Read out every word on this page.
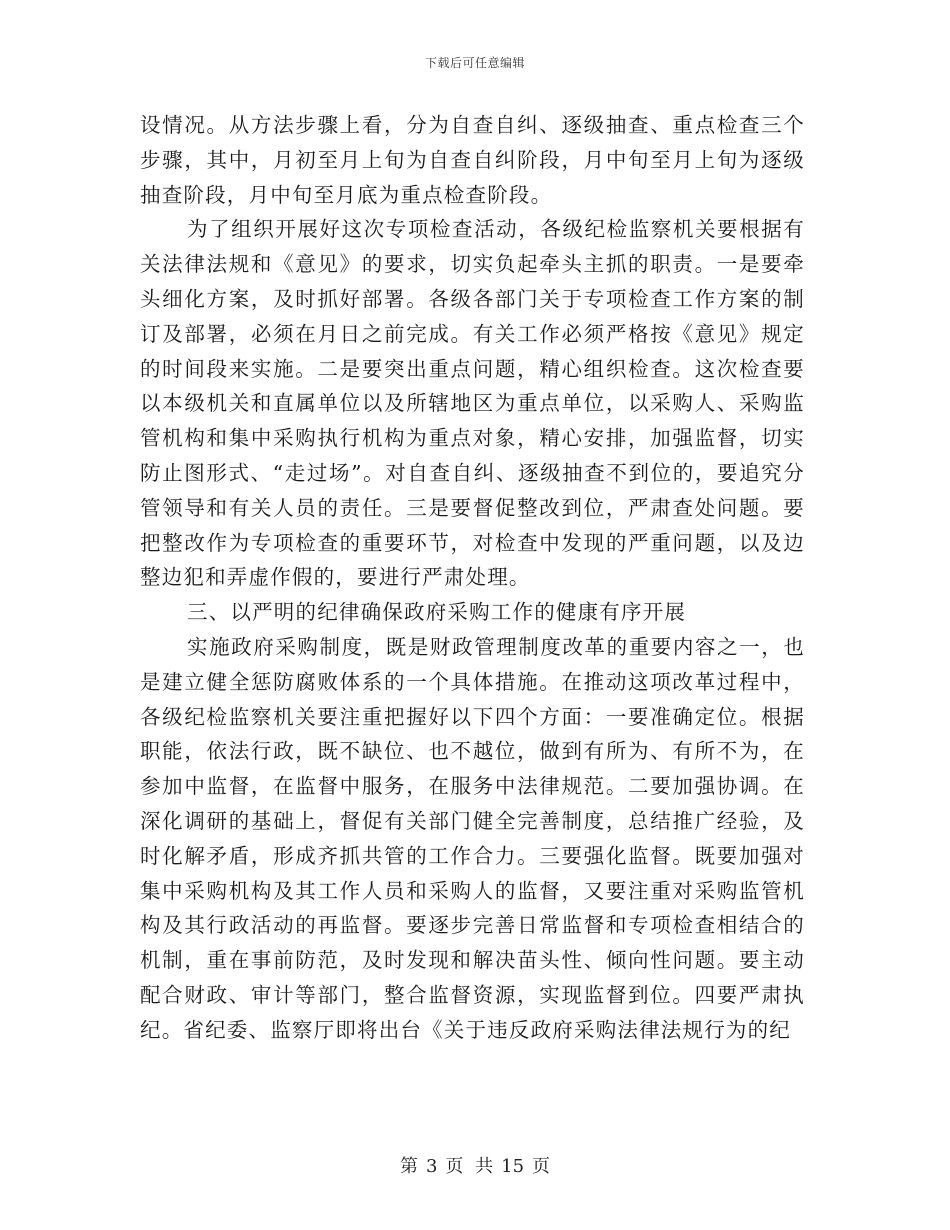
下载后可任意编辑

设情况。从方法步骤上看，分为自查自纠、逐级抽查、重点检查三个步骤，其中，月初至月上旬为自查自纠阶段，月中旬至月上旬为逐级抽查阶段，月中旬至月底为重点检查阶段。

为了组织开展好这次专项检查活动，各级纪检监察机关要根据有关法律法规和《意见》的要求，切实负起牵头主抓的职责。一是要牵头细化方案，及时抓好部署。各级各部门关于专项检查工作方案的制订及部署，必须在月日之前完成。有关工作必须严格按《意见》规定的时间段来实施。二是要突出重点问题，精心组织检查。这次检查要以本级机关和直属单位以及所辖地区为重点单位，以采购人、采购监管机构和集中采购执行机构为重点对象，精心安排，加强监督，切实防止图形式、“走过场”。对自查自纠、逐级抽查不到位的，要追究分管领导和有关人员的责任。三是要督促整改到位，严肃查处问题。要把整改作为专项检查的重要环节，对检查中发现的严重问题，以及边整边犯和弄虚作假的，要进行严肃处理。

三、以严明的纪律确保政府采购工作的健康有序开展

实施政府采购制度，既是财政管理制度改革的重要内容之一，也是建立健全惩防腐败体系的一个具体措施。在推动这项改革过程中，各级纪检监察机关要注重把握好以下四个方面：一要准确定位。根据职能，依法行政，既不缺位、也不越位，做到有所为、有所不为，在参加中监督，在监督中服务，在服务中法律规范。二要加强协调。在深化调研的基础上，督促有关部门健全完善制度，总结推广经验，及时化解矛盾，形成齐抓共管的工作合力。三要强化监督。既要加强对集中采购机构及其工作人员和采购人的监督，又要注重对采购监管机构及其行政活动的再监督。要逐步完善日常监督和专项检查相结合的机制，重在事前防范，及时发现和解决苗头性、倾向性问题。要主动配合财政、审计等部门，整合监督资源，实现监督到位。四要严肃执纪。省纪委、监察厅即将出台《关于违反政府采购法律法规行为的纪

第 3 页 共 15 页
